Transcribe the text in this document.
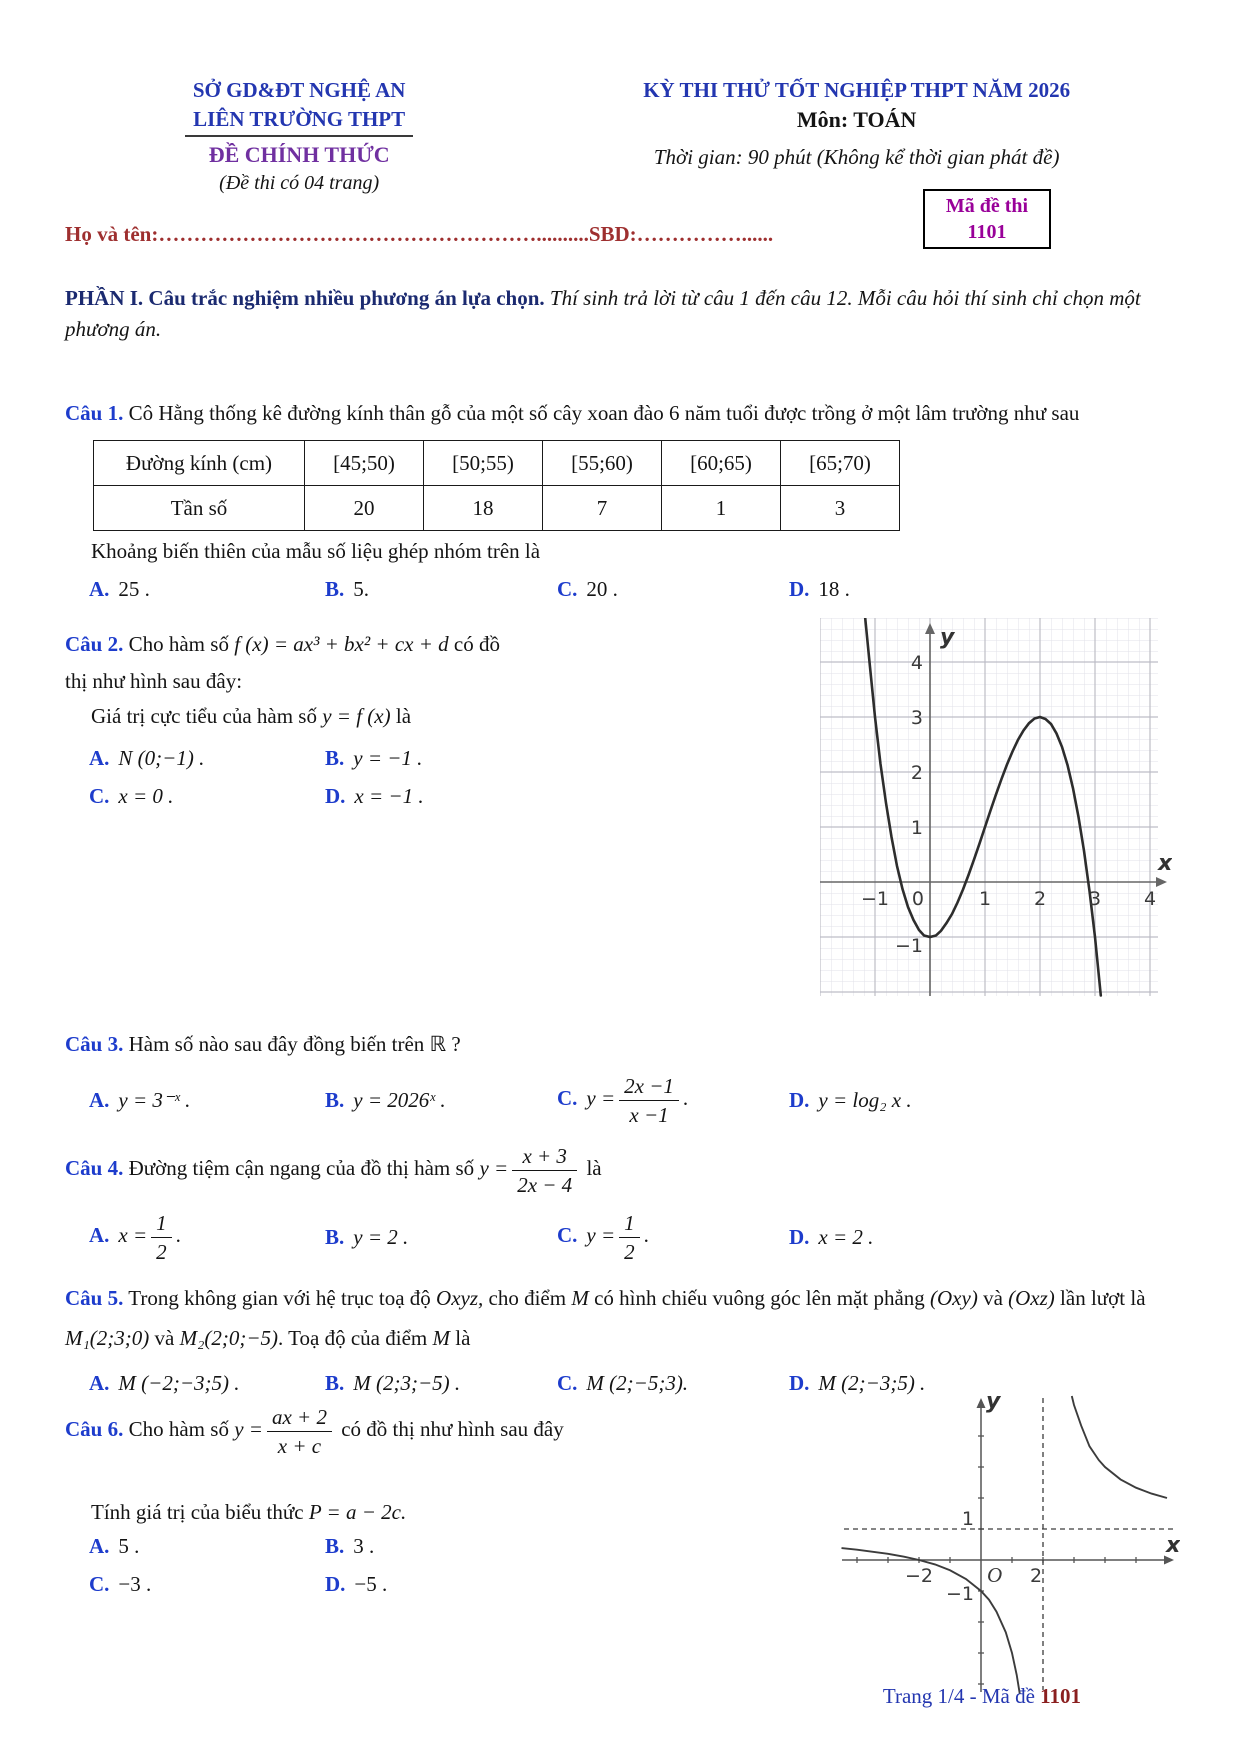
SỞ GD&ĐT NGHỆ AN
LIÊN TRƯỜNG THPT
ĐỀ CHÍNH THỨC
(Đề thi có 04 trang)
KỲ THI THỬ TỐT NGHIỆP THPT NĂM 2026
Môn: TOÁN
Thời gian: 90 phút (Không kể thời gian phát đề)
Mã đề thi
1101
Họ và tên:………………………………………………..........SBD:……………......
PHẦN I. Câu trắc nghiệm nhiều phương án lựa chọn. Thí sinh trả lời từ câu 1 đến câu 12. Mỗi câu hỏi thí sinh chỉ chọn một phương án.
Câu 1. Cô Hằng thống kê đường kính thân gỗ của một số cây xoan đào 6 năm tuổi được trồng ở một lâm trường như sau
Đường kính (cm)	[45;50)	[50;55)	[55;60)	[60;65)	[65;70)
Tần số	20	18	7	1	3
Khoảng biến thiên của mẫu số liệu ghép nhóm trên là
A. 25 .	B. 5.	C. 20 .	D. 18 .
Câu 2. Cho hàm số f (x) = ax³ + bx² + cx + d có đồ
thị như hình sau đây:
Giá trị cực tiểu của hàm số y = f (x) là
A. N (0;−1) .	B. y = −1 .
C. x = 0 .	D. x = −1 .
4
3
2
1
−1
−1 0	1 2 3 4
y
x
Câu 3. Hàm số nào sau đây đồng biến trên ℝ ?
A. y = 3⁻ˣ .	B. y = 2026ˣ .	C. $y = \frac{2x -1}{x -1}$ .	D. y = log₂ x .
Câu 4. Đường tiệm cận ngang của đồ thị hàm số $y = \frac{x + 3}{2x - 4}$ là
A. $x = \frac{1}{2}$ .	B. y = 2 .	C. $y = \frac{1}{2}$ .	D. x = 2 .
Câu 5. Trong không gian với hệ trục toạ độ Oxyz, cho điểm M có hình chiếu vuông góc lên mặt phẳng (Oxy) và (Oxz) lần lượt là M₁(2;3;0) và M₂(2;0;−5). Toạ độ của điểm M là
A. M (−2;−3;5) .	B. M (2;3;−5) .	C. M (2;−5;3).	D. M (2;−3;5) .
Câu 6. Cho hàm số $y = \frac{ax + 2}{x + c}$ có đồ thị như hình sau đây
Tính giá trị của biểu thức P = a − 2c.
A. 5 .	B. 3 .
C. −3 .	D. −5 .
1
−2	O 2
−1
y
x
Trang 1/4 - Mã đề 1101
